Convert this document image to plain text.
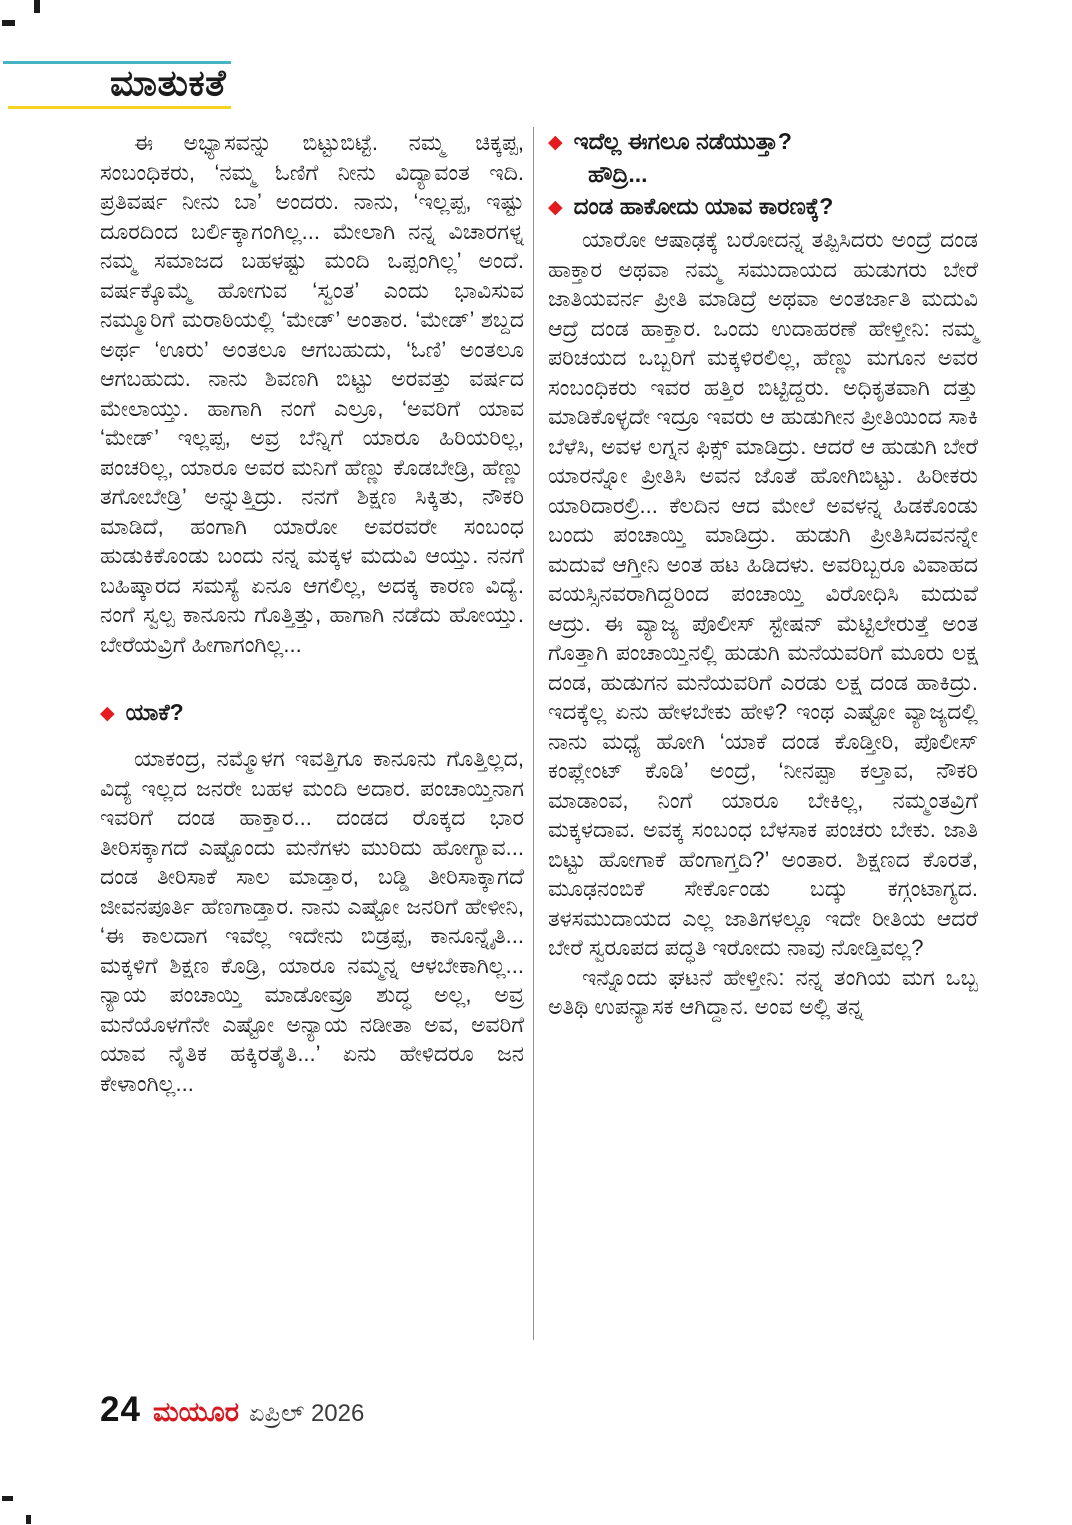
ಮಾತುಕತೆ

ಈ ಅಭ್ಯಾಸವನ್ನು ಬಿಟ್ಟುಬಿಟ್ಟೆ. ನಮ್ಮ ಚಿಕ್ಕಪ್ಪ, ಸಂಬಂಧಿಕರು, ‘ನಮ್ಮ ಓಣಿಗೆ ನೀನು ವಿದ್ಯಾವಂತ ಇದಿ. ಪ್ರತಿವರ್ಷ ನೀನು ಬಾ’ ಅಂದರು. ನಾನು, ‘ಇಲ್ಲಪ್ಪ, ಇಷ್ಟು ದೂರದಿಂದ ಬರ್ಲಿಕ್ಕಾಗಂಗಿಲ್ಲ... ಮೇಲಾಗಿ ನನ್ನ ವಿಚಾರಗಳ್ನ ನಮ್ಮ ಸಮಾಜದ ಬಹಳಷ್ಟು ಮಂದಿ ಒಪ್ಪಂಗಿಲ್ಲ’ ಅಂದೆ. ವರ್ಷಕ್ಕೊಮ್ಮೆ ಹೋಗುವ ‘ಸ್ವಂತ’ ಎಂದು ಭಾವಿಸುವ ನಮ್ಮೂರಿಗೆ ಮರಾಠಿಯಲ್ಲಿ ‘ಮೇಡ್’ ಅಂತಾರ. ‘ಮೇಡ್’ ಶಬ್ದದ ಅರ್ಥ ‘ಊರು’ ಅಂತಲೂ ಆಗಬಹುದು, ‘ಓಣಿ’ ಅಂತಲೂ ಆಗಬಹುದು. ನಾನು ಶಿವಣಗಿ ಬಿಟ್ಟು ಅರವತ್ತು ವರ್ಷದ ಮೇಲಾಯ್ತು. ಹಾಗಾಗಿ ನಂಗೆ ಎಲ್ರೂ, ‘ಅವರಿಗೆ ಯಾವ ‘ಮೇಡ್’ ಇಲ್ಲಪ್ಪ, ಅವ್ರ ಬೆನ್ನಿಗೆ ಯಾರೂ ಹಿರಿಯರಿಲ್ಲ, ಪಂಚರಿಲ್ಲ, ಯಾರೂ ಅವರ ಮನಿಗೆ ಹೆಣ್ಣು ಕೊಡಬೇಡ್ರಿ, ಹೆಣ್ಣು ತಗೋಬೇಡ್ರಿ’ ಅನ್ನುತ್ತಿದ್ರು. ನನಗೆ ಶಿಕ್ಷಣ ಸಿಕ್ಕಿತು, ನೌಕರಿ ಮಾಡಿದೆ, ಹಂಗಾಗಿ ಯಾರೋ ಅವರವರೇ ಸಂಬಂಧ ಹುಡುಕಿಕೊಂಡು ಬಂದು ನನ್ನ ಮಕ್ಕಳ ಮದುವಿ ಆಯ್ತು. ನನಗೆ ಬಹಿಷ್ಕಾರದ ಸಮಸ್ಯೆ ಏನೂ ಆಗಲಿಲ್ಲ, ಅದಕ್ಕ ಕಾರಣ ವಿದ್ಯೆ. ನಂಗೆ ಸ್ವಲ್ಪ ಕಾನೂನು ಗೊತ್ತಿತ್ತು, ಹಾಗಾಗಿ ನಡೆದು ಹೋಯ್ತು. ಬೇರೆಯವ್ರಿಗೆ ಹೀಗಾಗಂಗಿಲ್ಲ...

◆ ಯಾಕೆ?

ಯಾಕಂದ್ರ, ನಮ್ಮೊಳಗ ಇವತ್ತಿಗೂ ಕಾನೂನು ಗೊತ್ತಿಲ್ಲದ, ವಿದ್ಯೆ ಇಲ್ಲದ ಜನರೇ ಬಹಳ ಮಂದಿ ಅದಾರ. ಪಂಚಾಯ್ತಿನಾಗ ಇವರಿಗೆ ದಂಡ ಹಾಕ್ತಾರ... ದಂಡದ ರೊಕ್ಕದ ಭಾರ ತೀರಿಸಕ್ಕಾಗದೆ ಎಷ್ಟೊಂದು ಮನೆಗಳು ಮುರಿದು ಹೋಗ್ಯಾವ... ದಂಡ ತೀರಿಸಾಕೆ ಸಾಲ ಮಾಡ್ತಾರ, ಬಡ್ಡಿ ತೀರಿಸಾಕ್ಕಾಗದೆ ಜೀವನಪೂರ್ತಿ ಹೆಣಗಾಡ್ತಾರ. ನಾನು ಎಷ್ಟೋ ಜನರಿಗೆ ಹೇಳೀನಿ, ‘ಈ ಕಾಲದಾಗ ಇವೆಲ್ಲ ಇದೇನು ಬಿಡ್ರಪ್ಪ, ಕಾನೂನ್ನೈತಿ... ಮಕ್ಕಳಿಗೆ ಶಿಕ್ಷಣ ಕೊಡ್ರಿ, ಯಾರೂ ನಮ್ಮನ್ನ ಆಳಬೇಕಾಗಿಲ್ಲ... ನ್ಯಾಯ ಪಂಚಾಯ್ತಿ ಮಾಡೋವ್ರೂ ಶುದ್ಧ ಅಲ್ಲ, ಅವ್ರ ಮನೆಯೊಳಗೆನೇ ಎಷ್ಟೋ ಅನ್ಯಾಯ ನಡೀತಾ ಅವ, ಅವರಿಗೆ ಯಾವ ನೈತಿಕ ಹಕ್ಕಿರತೈತಿ...’ ಏನು ಹೇಳಿದರೂ ಜನ ಕೇಳಾಂಗಿಲ್ಲ...

◆ ಇದೆಲ್ಲ ಈಗಲೂ ನಡೆಯುತ್ತಾ?

ಹೌದ್ರಿ...

◆ ದಂಡ ಹಾಕೋದು ಯಾವ ಕಾರಣಕ್ಕೆ?

ಯಾರೋ ಆಷಾಢಕ್ಕೆ ಬರೋದನ್ನ ತಪ್ಪಿಸಿದರು ಅಂದ್ರೆ ದಂಡ ಹಾಕ್ತಾರ ಅಥವಾ ನಮ್ಮ ಸಮುದಾಯದ ಹುಡುಗರು ಬೇರೆ ಜಾತಿಯವರ್ನ ಪ್ರೀತಿ ಮಾಡಿದ್ರೆ ಅಥವಾ ಅಂತರ್ಜಾತಿ ಮದುವಿ ಆದ್ರೆ ದಂಡ ಹಾಕ್ತಾರ. ಒಂದು ಉದಾಹರಣೆ ಹೇಳ್ತೀನಿ: ನಮ್ಮ ಪರಿಚಯದ ಒಬ್ಬರಿಗೆ ಮಕ್ಕಳಿರಲಿಲ್ಲ, ಹೆಣ್ಣು ಮಗೂನ ಅವರ ಸಂಬಂಧಿಕರು ಇವರ ಹತ್ತಿರ ಬಿಟ್ಟಿದ್ದರು. ಅಧಿಕೃತವಾಗಿ ದತ್ತು ಮಾಡಿಕೊಳ್ಳದೇ ಇದ್ರೂ ಇವರು ಆ ಹುಡುಗೀನ ಪ್ರೀತಿಯಿಂದ ಸಾಕಿ ಬೆಳೆಸಿ, ಅವಳ ಲಗ್ನನ ಫಿಕ್ಸ್ ಮಾಡಿದ್ರು. ಆದರೆ ಆ ಹುಡುಗಿ ಬೇರೆ ಯಾರನ್ನೋ ಪ್ರೀತಿಸಿ ಅವನ ಜೊತೆ ಹೋಗಿಬಿಟ್ಟು. ಹಿರೀಕರು ಯಾರಿದಾರಲ್ರಿ... ಕೆಲದಿನ ಆದ ಮೇಲೆ ಅವಳನ್ನ ಹಿಡಕೊಂಡು ಬಂದು ಪಂಚಾಯ್ತಿ ಮಾಡಿದ್ರು. ಹುಡುಗಿ ಪ್ರೀತಿಸಿದವನನ್ನೇ ಮದುವೆ ಆಗ್ತೀನಿ ಅಂತ ಹಟ ಹಿಡಿದಳು. ಅವರಿಬ್ಬರೂ ವಿವಾಹದ ವಯಸ್ಸಿನವರಾಗಿದ್ದರಿಂದ ಪಂಚಾಯ್ತಿ ವಿರೋಧಿಸಿ ಮದುವೆ ಆದ್ರು. ಈ ವ್ಯಾಜ್ಯ ಪೊಲೀಸ್ ಸ್ಟೇಷನ್ ಮೆಟ್ಟಿಲೇರುತ್ತೆ ಅಂತ ಗೊತ್ತಾಗಿ ಪಂಚಾಯ್ತಿನಲ್ಲಿ ಹುಡುಗಿ ಮನೆಯವರಿಗೆ ಮೂರು ಲಕ್ಷ ದಂಡ, ಹುಡುಗನ ಮನೆಯವರಿಗೆ ಎರಡು ಲಕ್ಷ ದಂಡ ಹಾಕಿದ್ರು. ಇದಕ್ಕೆಲ್ಲ ಏನು ಹೇಳಬೇಕು ಹೇಳಿ? ಇಂಥ ಎಷ್ಟೋ ವ್ಯಾಜ್ಯದಲ್ಲಿ ನಾನು ಮಧ್ಯೆ ಹೋಗಿ ‘ಯಾಕೆ ದಂಡ ಕೊಡ್ತೀರಿ, ಪೊಲೀಸ್ ಕಂಪ್ಲೇಂಟ್ ಕೊಡಿ’ ಅಂದ್ರೆ, ‘ನೀನಪ್ಪಾ ಕಲ್ತಾವ, ನೌಕರಿ ಮಾಡಾಂವ, ನಿಂಗೆ ಯಾರೂ ಬೇಕಿಲ್ಲ, ನಮ್ಮಂತವ್ರಿಗೆ ಮಕ್ಕಳದಾವ. ಅವಕ್ಕ ಸಂಬಂಧ ಬೆಳಸಾಕ ಪಂಚರು ಬೇಕು. ಜಾತಿ ಬಿಟ್ಟು ಹೋಗಾಕೆ ಹೆಂಗಾಗ್ತದಿ?’ ಅಂತಾರ. ಶಿಕ್ಷಣದ ಕೊರತೆ, ಮೂಢನಂಬಿಕೆ ಸೇರ್ಕೊಂಡು ಬದ್ಕು ಕಗ್ಗಂಟಾಗ್ಯದ. ತಳಸಮುದಾಯದ ಎಲ್ಲ ಜಾತಿಗಳಲ್ಲೂ ಇದೇ ರೀತಿಯ ಆದರೆ ಬೇರೆ ಸ್ವರೂಪದ ಪದ್ಧತಿ ಇರೋದು ನಾವು ನೋಡ್ತಿವಲ್ಲ?

ಇನ್ನೊಂದು ಘಟನೆ ಹೇಳ್ತೀನಿ: ನನ್ನ ತಂಗಿಯ ಮಗ ಒಬ್ಬ ಅತಿಥಿ ಉಪನ್ಯಾಸಕ ಆಗಿದ್ದಾನ. ಅಂವ ಅಲ್ಲಿ ತನ್ನ

24 ಮಯೂರ ಏಪ್ರಿಲ್ 2026
